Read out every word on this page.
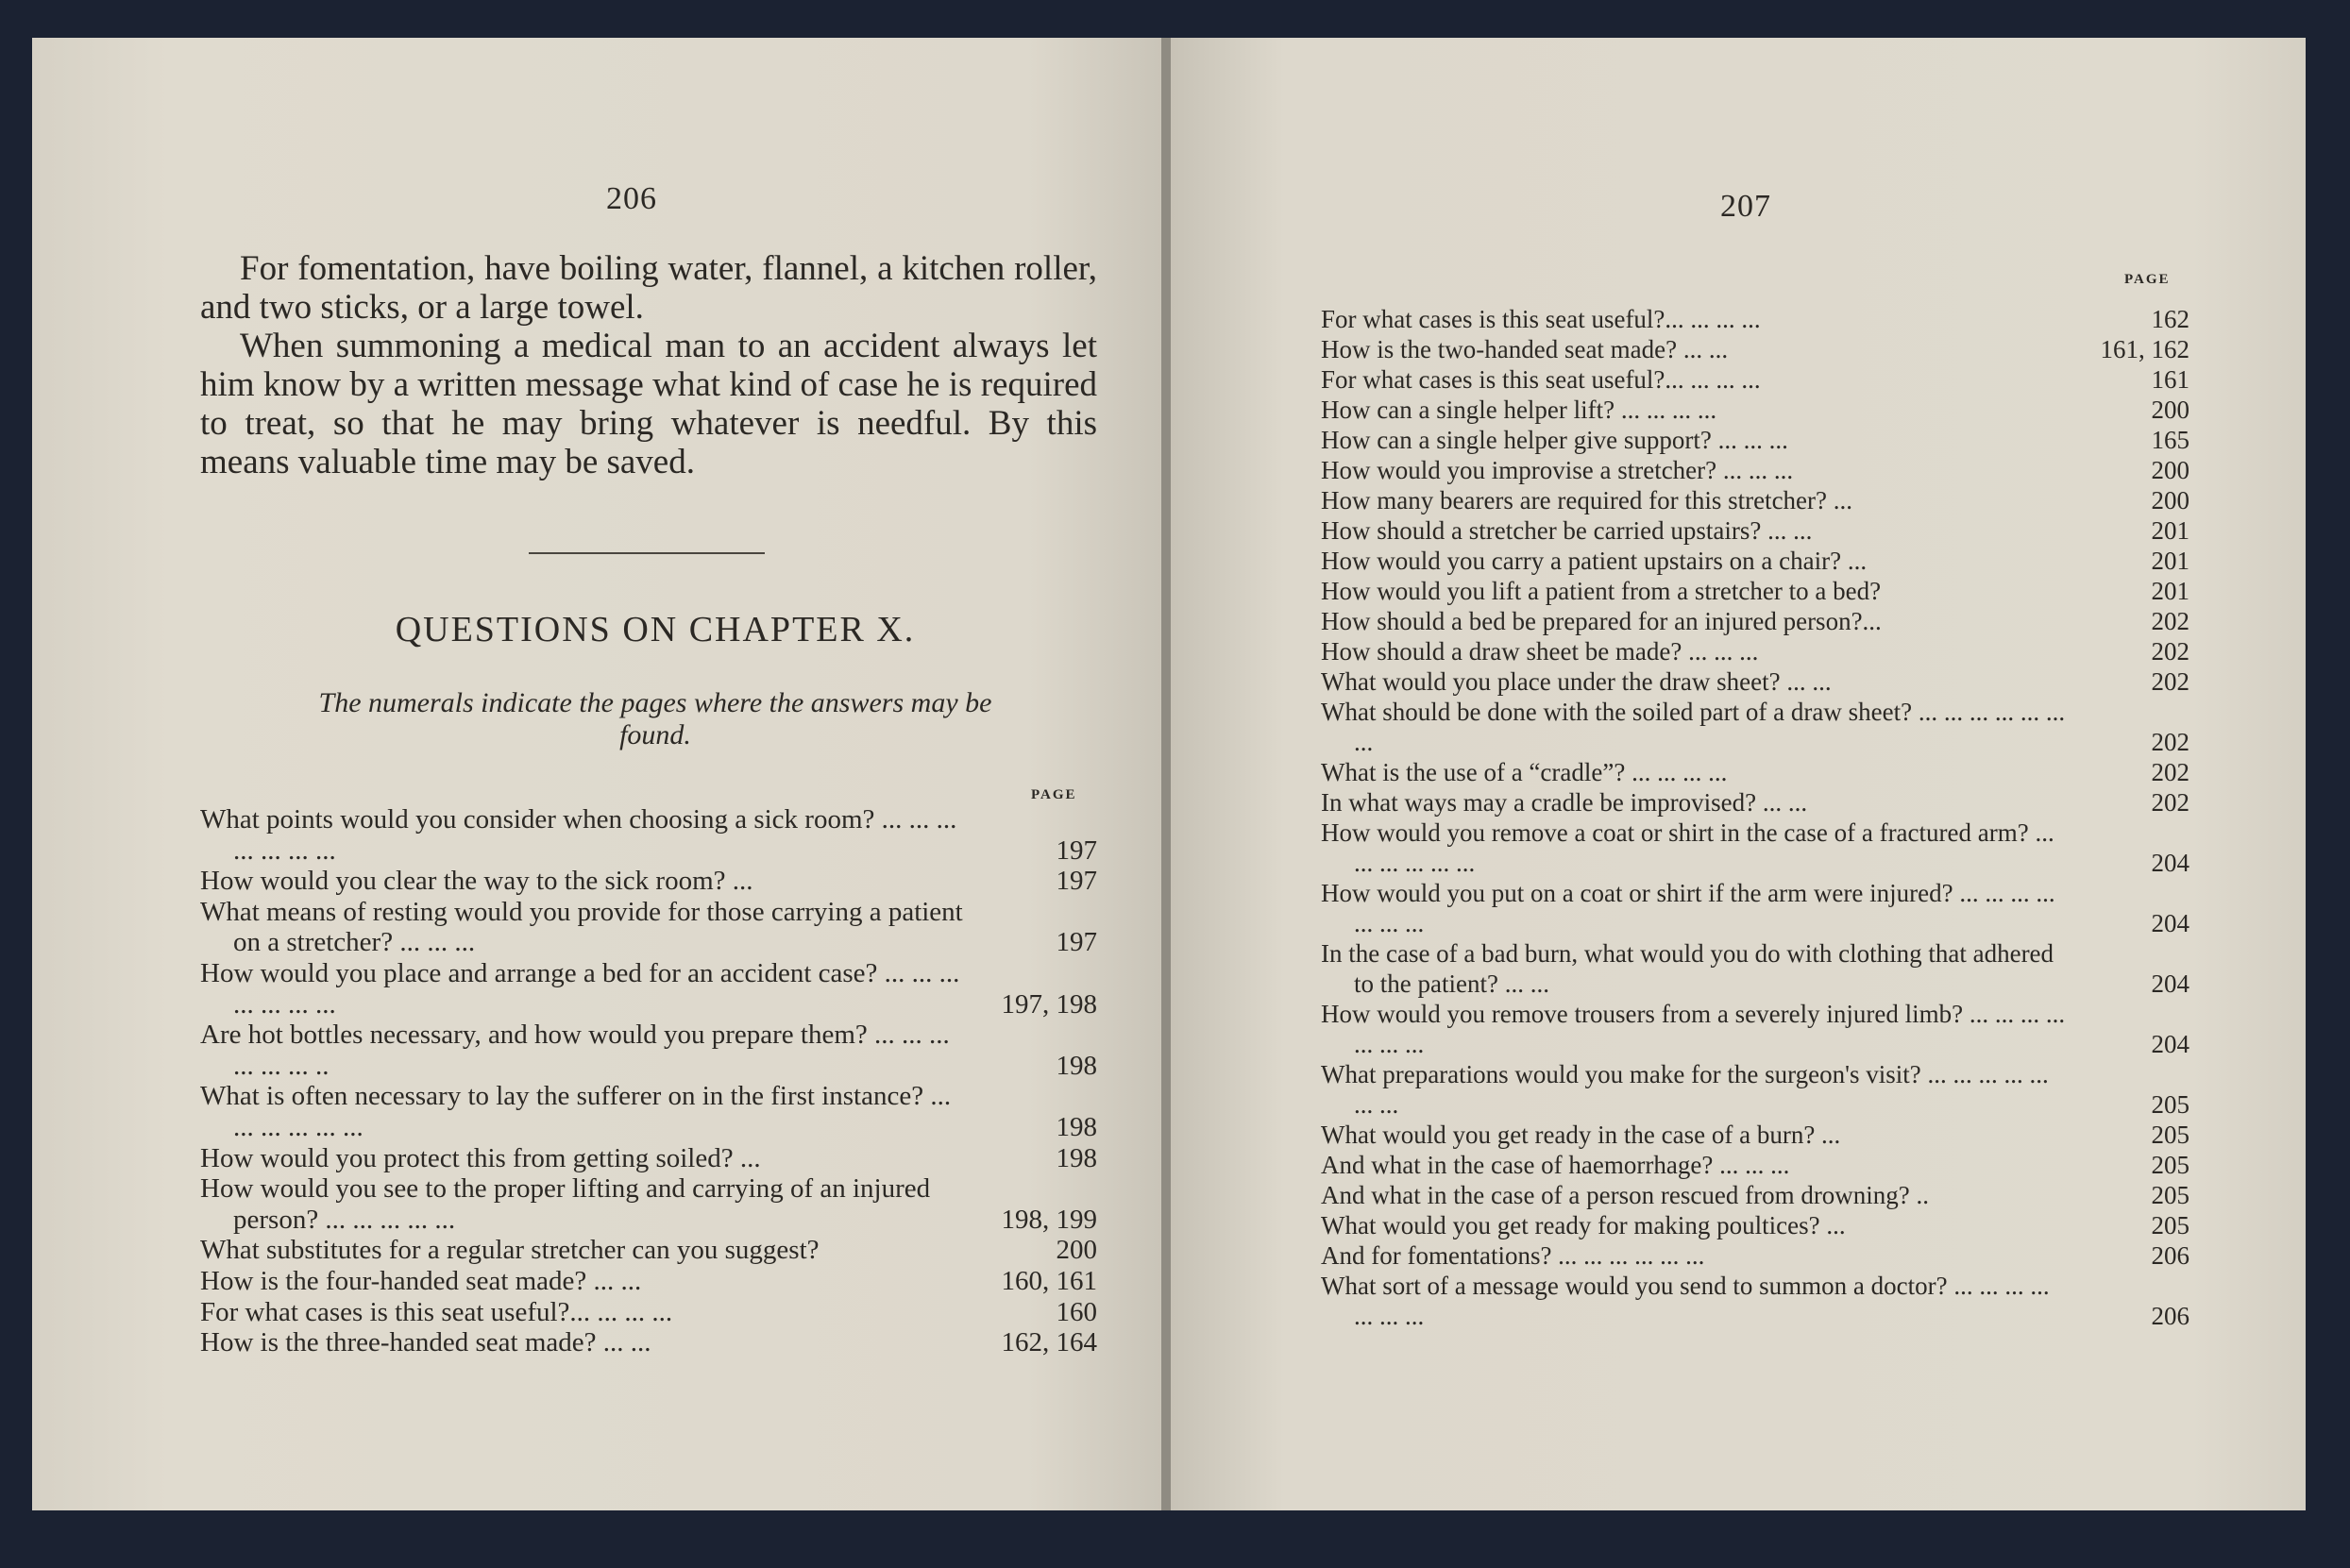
206
For fomentation, have boiling water, flannel, a kitchen roller, and two sticks, or a large towel.
When summoning a medical man to an accident always let him know by a written message what kind of case he is required to treat, so that he may bring whatever is needful. By this means valuable time may be saved.
QUESTIONS ON CHAPTER X.
The numerals indicate the pages where the answers may be found.
PAGE
What points would you consider when choosing a sick room? ... ... ... ... ... ... ...	197
How would you clear the way to the sick room? ...	197
What means of resting would you provide for those carrying a patient on a stretcher? ... ... ...	197
How would you place and arrange a bed for an accident case? ... ... ... ... ... ... ...	197, 198
Are hot bottles necessary, and how would you prepare them? ... ... ... ... ... ... ..	198
What is often necessary to lay the sufferer on in the first instance? ... ... ... ... ... ...	198
How would you protect this from getting soiled? ...	198
How would you see to the proper lifting and carrying of an injured person? ... ... ... ... ...	198, 199
What substitutes for a regular stretcher can you suggest?	200
How is the four-handed seat made? ... ...	160, 161
For what cases is this seat useful?... ... ... ...	160
How is the three-handed seat made? ... ...	162, 164
207
PAGE
For what cases is this seat useful?... ... ... ...	162
How is the two-handed seat made? ... ...	161, 162
For what cases is this seat useful?... ... ... ...	161
How can a single helper lift? ... ... ... ...	200
How can a single helper give support? ... ... ...	165
How would you improvise a stretcher? ... ... ...	200
How many bearers are required for this stretcher? ...	200
How should a stretcher be carried upstairs? ... ...	201
How would you carry a patient upstairs on a chair? ...	201
How would you lift a patient from a stretcher to a bed?	201
How should a bed be prepared for an injured person?...	202
How should a draw sheet be made? ... ... ...	202
What would you place under the draw sheet? ... ...	202
What should be done with the soiled part of a draw sheet? ... ... ... ... ... ... ...	202
What is the use of a “cradle”? ... ... ... ...	202
In what ways may a cradle be improvised? ... ...	202
How would you remove a coat or shirt in the case of a fractured arm? ... ... ... ... ... ...	204
How would you put on a coat or shirt if the arm were injured? ... ... ... ... ... ... ...	204
In the case of a bad burn, what would you do with clothing that adhered to the patient? ... ...	204
How would you remove trousers from a severely injured limb? ... ... ... ... ... ... ...	204
What preparations would you make for the surgeon's visit? ... ... ... ... ... ... ...	205
What would you get ready in the case of a burn? ...	205
And what in the case of haemorrhage? ... ... ...	205
And what in the case of a person rescued from drowning? ..	205
What would you get ready for making poultices? ...	205
And for fomentations? ... ... ... ... ... ...	206
What sort of a message would you send to summon a doctor? ... ... ... ... ... ... ...	206
